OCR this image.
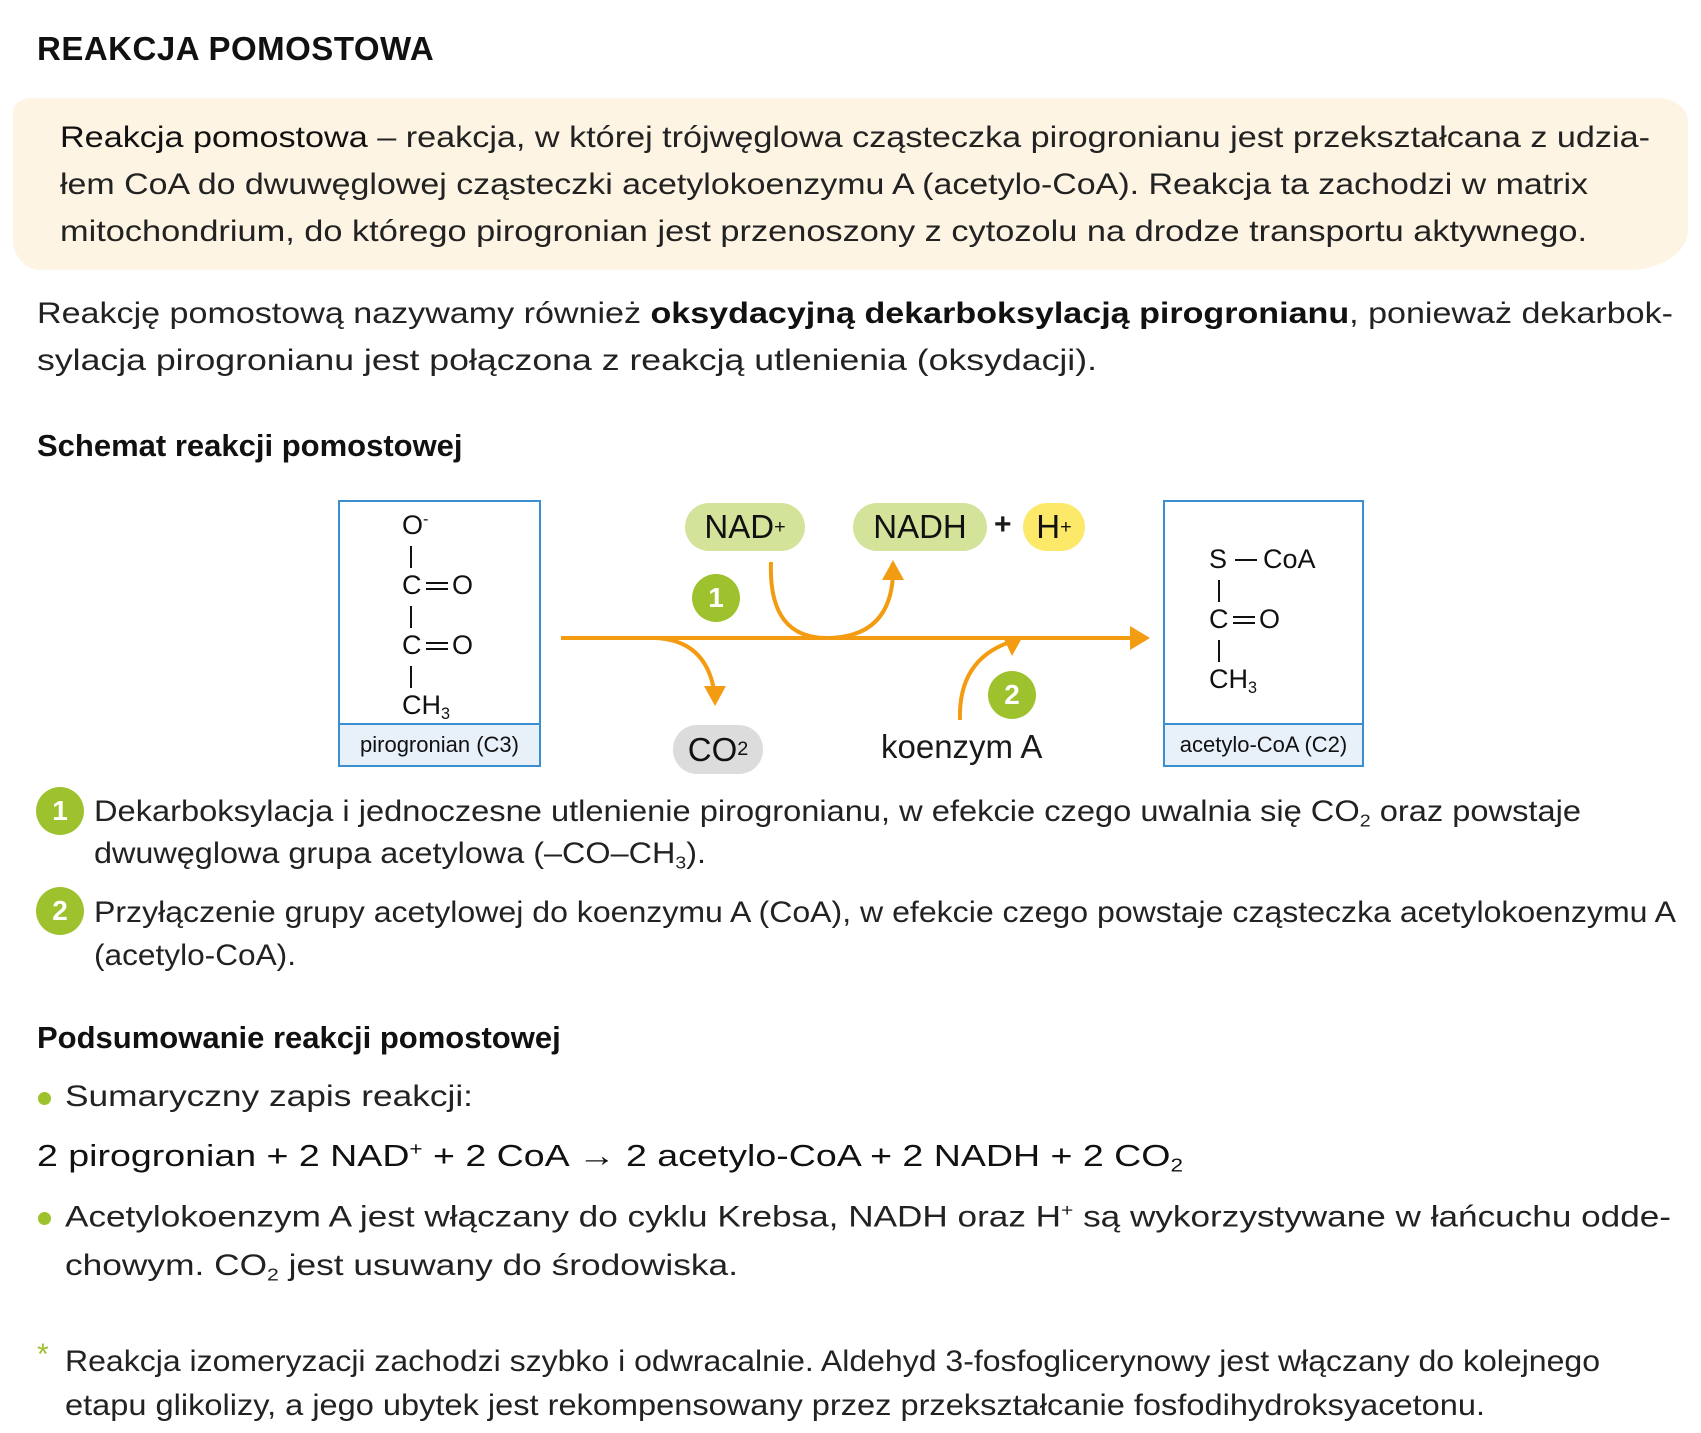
REAKCJA POMOSTOWA
Reakcja pomostowa – reakcja, w której trójwęglowa cząsteczka pirogronianu jest przekształcana z udzia-
łem CoA do dwuwęglowej cząsteczki acetylokoenzymu A (acetylo-CoA). Reakcja ta zachodzi w matrix
mitochondrium, do którego pirogronian jest przenoszony z cytozolu na drodze transportu aktywnego.
Reakcję pomostową nazywamy również oksydacyjną dekarboksylacją pirogronianu, ponieważ dekarbok-
sylacja pirogronianu jest połączona z reakcją utlenienia (oksydacji).
Schemat reakcji pomostowej
O-
C O
C O
$CH_3$
pirogronian (C3)
S CoA
C O
$CH_3$
acetylo-CoA (C2)
NAD +	NADH + H +
CO 2	koenzym A
1
2
1 Dekarboksylacja i jednoczesne utlenienie pirogronianu, w efekcie czego uwalnia się $CO_2$ oraz powstaje
dwuwęglowa grupa acetylowa $(-CO-CH_3)$.
2 Przyłączenie grupy acetylowej do koenzymu A (CoA), w efekcie czego powstaje cząsteczka acetylokoenzymu A
(acetylo-CoA).
Podsumowanie reakcji pomostowej
Sumaryczny zapis reakcji:
2 pirogronian + 2 NAD+ + 2 CoA → 2 acetylo-CoA + 2 NADH + 2 $CO_2$
Acetylokoenzym A jest włączany do cyklu Krebsa, NADH oraz H+ są wykorzystywane w łańcuchu odde-
chowym. $CO_2$ jest usuwany do środowiska.
* Reakcja izomeryzacji zachodzi szybko i odwracalnie. Aldehyd 3-fosfoglicerynowy jest włączany do kolejnego
etapu glikolizy, a jego ubytek jest rekompensowany przez przekształcanie fosfodihydroksyacetonu.
